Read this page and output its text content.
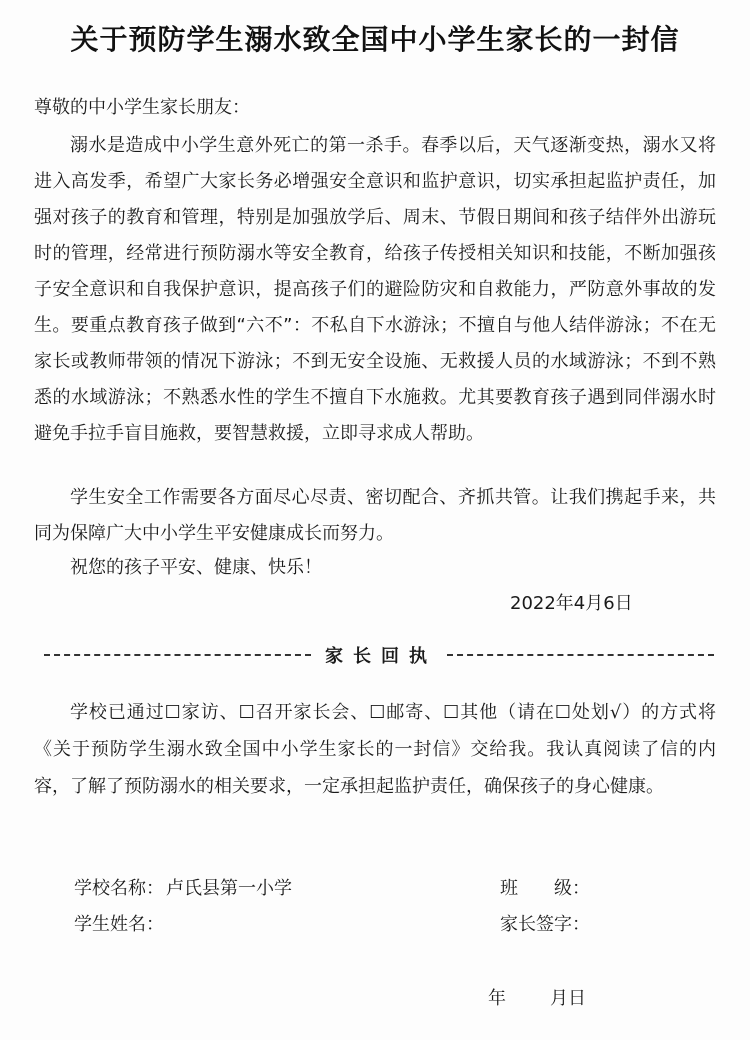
关于预防学生溺水致全国中小学生家长的一封信
尊敬的中小学生家长朋友：

溺水是造成中小学生意外死亡的第一杀手。春季以后，天气逐渐变热，溺水又将进入高发季，希望广大家长务必增强安全意识和监护意识，切实承担起监护责任，加强对孩子的教育和管理，特别是加强放学后、周末、节假日期间和孩子结伴外出游玩时的管理，经常进行预防溺水等安全教育，给孩子传授相关知识和技能，不断加强孩子安全意识和自我保护意识，提高孩子们的避险防灾和自救能力，严防意外事故的发生。要重点教育孩子做到“六不”：不私自下水游泳；不擅自与他人结伴游泳；不在无家长或教师带领的情况下游泳；不到无安全设施、无救援人员的水域游泳；不到不熟悉的水域游泳；不熟悉水性的学生不擅自下水施救。尤其要教育孩子遇到同伴溺水时避免手拉手盲目施救，要智慧救援，立即寻求成人帮助。

学生安全工作需要各方面尽心尽责、密切配合、齐抓共管。让我们携起手来，共同为保障广大中小学生平安健康成长而努力。

祝您的孩子平安、健康、快乐！

2022年4月6日
家长回执

学校已通过☐家访、☐召开家长会、☐邮寄、☐其他（请在☐处划√）的方式将《关于预防学生溺水致全国中小学生家长的一封信》交给我。我认真阅读了信的内容，了解了预防溺水的相关要求，一定承担起监护责任，确保孩子的身心健康。

学校名称： 卢氏县第一小学	班　　级：
学生姓名：	家长签字：
年 月日
